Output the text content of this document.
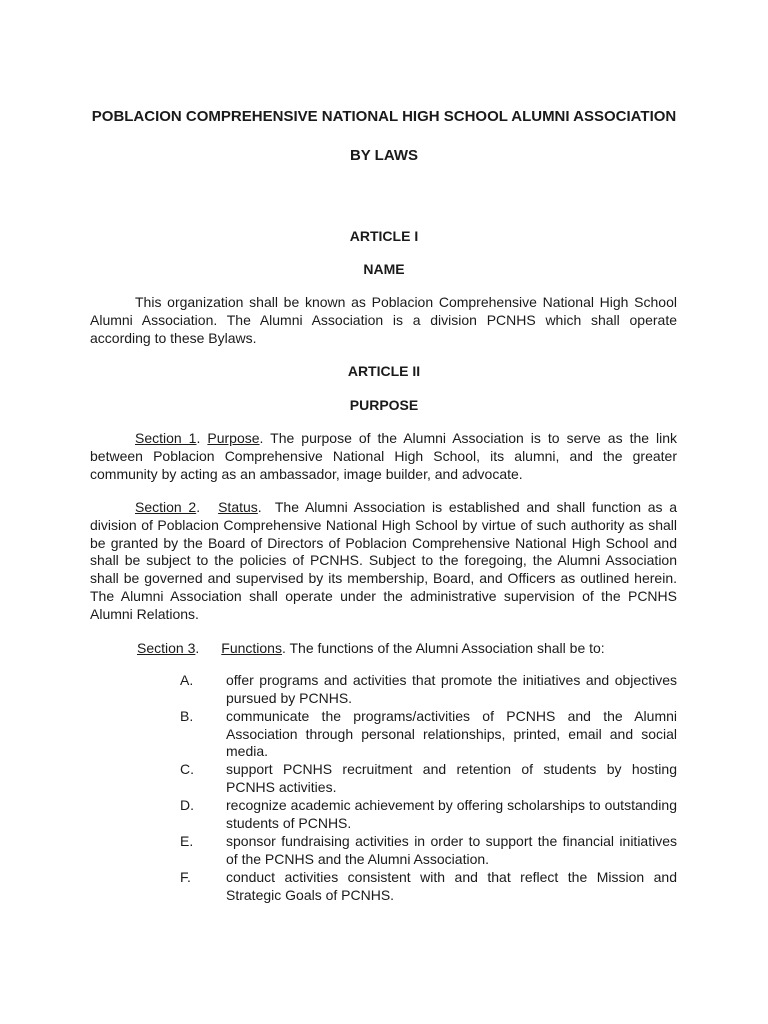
POBLACION COMPREHENSIVE NATIONAL HIGH SCHOOL ALUMNI ASSOCIATION
BY LAWS
ARTICLE I
NAME

This organization shall be known as Poblacion Comprehensive National High School Alumni Association. The Alumni Association is a division PCNHS which shall operate according to these Bylaws.

ARTICLE II
PURPOSE

Section 1. Purpose. The purpose of the Alumni Association is to serve as the link between Poblacion Comprehensive National High School, its alumni, and the greater community by acting as an ambassador, image builder, and advocate.

Section 2. Status.  The Alumni Association is established and shall function as a division of Poblacion Comprehensive National High School by virtue of such authority as shall be granted by the Board of Directors of Poblacion Comprehensive National High School and shall be subject to the policies of PCNHS. Subject to the foregoing, the Alumni Association shall be governed and supervised by its membership, Board, and Officers as outlined herein. The Alumni Association shall operate under the administrative supervision of the PCNHS Alumni Relations.

Section 3. Functions. The functions of the Alumni Association shall be to:

A.	offer programs and activities that promote the initiatives and objectives pursued by PCNHS.
B.	communicate the programs/activities of PCNHS and the Alumni Association through personal relationships, printed, email and social media.
C.	support PCNHS recruitment and retention of students by hosting PCNHS activities.
D.	recognize academic achievement by offering scholarships to outstanding students of PCNHS.
E.	sponsor fundraising activities in order to support the financial initiatives of the PCNHS and the Alumni Association.
F.	conduct activities consistent with and that reflect the Mission and Strategic Goals of PCNHS.
